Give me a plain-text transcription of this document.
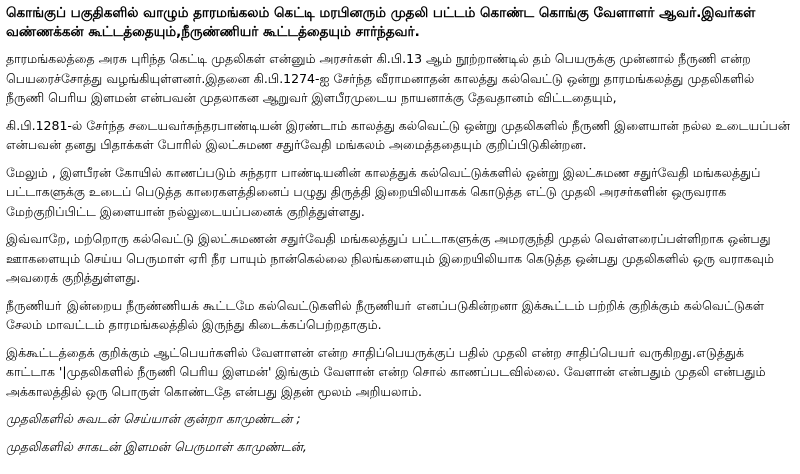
கொங்குப் பகுதிகளில் வாழும் தாரமங்கலம் கெட்டி மரபினரும் முதலி பட்டம் கொண்ட கொங்கு வேளாளர் ஆவர்.இவர்கள் வண்ணக்கன் கூட்டத்தையும்,நீருண்ணியர் கூட்டத்தையும் சார்ந்தவர்.

தாரமங்கலத்தை அரசு புரிந்த கெட்டி முதலிகள் என்னும் அரசர்கள் கி.பி.13 ஆம் நூற்றாண்டில் தம் பெயருக்கு முன்னால் நீருணி என்ற பெயரைச்சோத்து வழங்கியுள்ளனர்.இதனை கி.பி.1274-ஐ சேர்ந்த வீராமனாதன் காலத்து கல்வெட்டு ஒன்று தாரமங்கலத்து முதலிகளில் நீருணி பெரிய இளமன் என்பவன் முதலாகன ஆறுவர் இளபீரமுடைய நாயனாக்கு தேவதானம் விட்டதையும்,

கி.பி.1281-ல் சேர்ந்த சடையவர்சுந்தரபாண்டியன் இரண்டாம் காலத்து கல்வெட்டு ஒன்று முதலிகளில் நீருணி இளையான் நல்ல உடையப்பன் என்பவன் தனது பிதாக்கள் போரில் இலட்சுமண சதுர்வேதி மங்கலம் அமைத்ததையும் குறிப்பிடுகின்றன.

மேலும் , இளபீரன் கோயில் காணப்படும் சுந்தரா பாண்டியனின் காலத்துக் கல்வெட்டுக்களில் ஒன்று இலட்சுமண சதுர்வேதி மங்கலத்துப் பட்டாகளுக்கு உடைப் பெடுத்த காரைகளத்தினைப் பழுது திருத்தி இறையிலியாகக் கொடுத்த எட்டு முதலி அரசர்களின் ஒருவராக மேற்குறிப்பிட்ட இளையான் நல்லுடையப்பனைக் குறித்துள்ளது.

இவ்வாறே, மற்றொரு கல்வெட்டு இலட்சுமணன் சதுர்வேதி மங்கலத்துப் பட்டாகளுக்கு அமரகுந்தி முதல் வெள்ளரைப்பள்ளிறாக ஒன்பது ஊாகளையும் செய்ய பெருமாள் ஏரி நீர பாயும் நான்கெல்லை நிலங்களையும் இறையிலியாக கெடுத்த ஒன்பது முதலிகளில் ஒரு வராகவும் அவரைக் குறித்துள்ளது.

நீருணியா் இன்றைய நீருண்ணியக் கூட்டமே கல்வெட்டுகளில் நீருணியா் எனப்படுகின்றனா இக்கூட்டம் பற்றிக் குறிக்கும் கல்வெட்டுகள் சேலம் மாவட்டம் தாரமங்கலத்தில் இருந்து கிடைக்கப்பெற்றதாகும்.

இக்கூட்டத்தைக் குறிக்கும் ஆட்பெயர்களில் வேளாளன் என்ற சாதிப்பெயருக்குப் பதில் முதலி என்ற சாதிப்பெயர் வருகிறது.எடுத்துக் காட்டாக '|முதலிகளில் நீருணி பெரிய இளமன்' இங்கும் வேளான் என்ற சொல் காணப்படவில்லை. வேளான் என்பதும் முதலி என்பதும் அக்காலத்தில் ஒரு பொருள் கொண்டதே என்பது இதன் மூலம் அறியலாம்.

முதலிகளில் சுவடன் செய்யான் குன்றா காமுண்டன் ;

முதலிகளில் சாகடன் இளமன் பெருமாள் காமுண்டன்,
